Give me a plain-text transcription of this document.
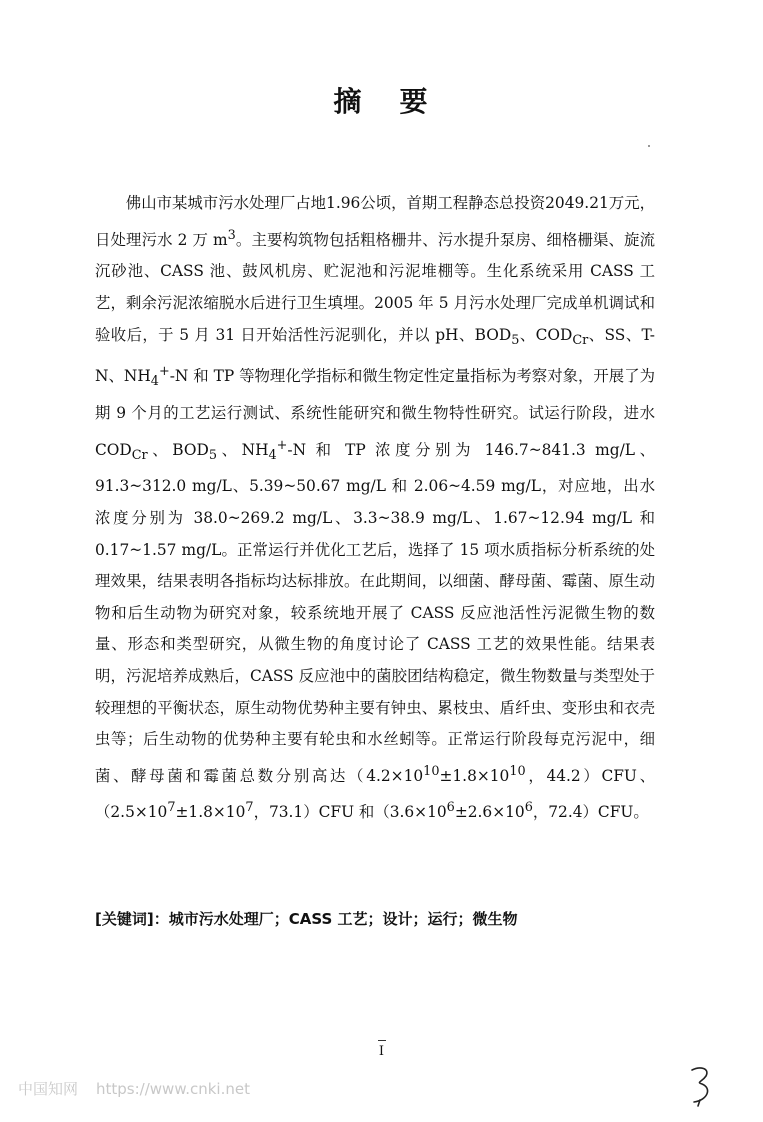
摘 要

佛山市某城市污水处理厂占地1.96公顷，首期工程静态总投资2049.21万元，日处理污水 2 万 $m^3$。主要构筑物包括粗格栅井、污水提升泵房、细格栅渠、旋流沉砂池、CASS 池、鼓风机房、贮泥池和污泥堆棚等。生化系统采用 CASS 工艺，剩余污泥浓缩脱水后进行卫生填埋。2005 年 5 月污水处理厂完成单机调试和验收后，于 5 月 31 日开始活性污泥驯化，并以 pH、$BOD_5$、$COD_{Cr}$、SS、T-N、$NH_4^+-N$ 和 TP 等物理化学指标和微生物定性定量指标为考察对象，开展了为期 9 个月的工艺运行测试、系统性能研究和微生物特性研究。试运行阶段，进水 $COD_{Cr}$、$BOD_5$、$NH_4^+-N$ 和 TP 浓度分别为 146.7~841.3 mg/L、91.3~312.0 mg/L、5.39~50.67 mg/L 和 2.06~4.59 mg/L，对应地，出水浓度分别为 38.0~269.2 mg/L、3.3~38.9 mg/L、1.67~12.94 mg/L 和 0.17~1.57 mg/L。正常运行并优化工艺后，选择了 15 项水质指标分析系统的处理效果，结果表明各指标均达标排放。在此期间，以细菌、酵母菌、霉菌、原生动物和后生动物为研究对象，较系统地开展了 CASS 反应池活性污泥微生物的数量、形态和类型研究，从微生物的角度讨论了 CASS 工艺的效果性能。结果表明，污泥培养成熟后，CASS 反应池中的菌胶团结构稳定，微生物数量与类型处于较理想的平衡状态，原生动物优势种主要有钟虫、累枝虫、盾纤虫、变形虫和衣壳虫等；后生动物的优势种主要有轮虫和水丝蚓等。正常运行阶段每克污泥中，细菌、酵母菌和霉菌总数分别高达（$4.2\times 10^{10}\pm 1.8\times 10^{10}$，44.2）CFU、（$2.5\times 10^7\pm 1.8\times 10^7$，73.1）CFU 和（$3.6\times 10^6\pm 2.6\times 10^6$，72.4）CFU。

[关键词]：城市污水处理厂；CASS 工艺；设计；运行；微生物
I
中国知网 https://www.cnki.net
